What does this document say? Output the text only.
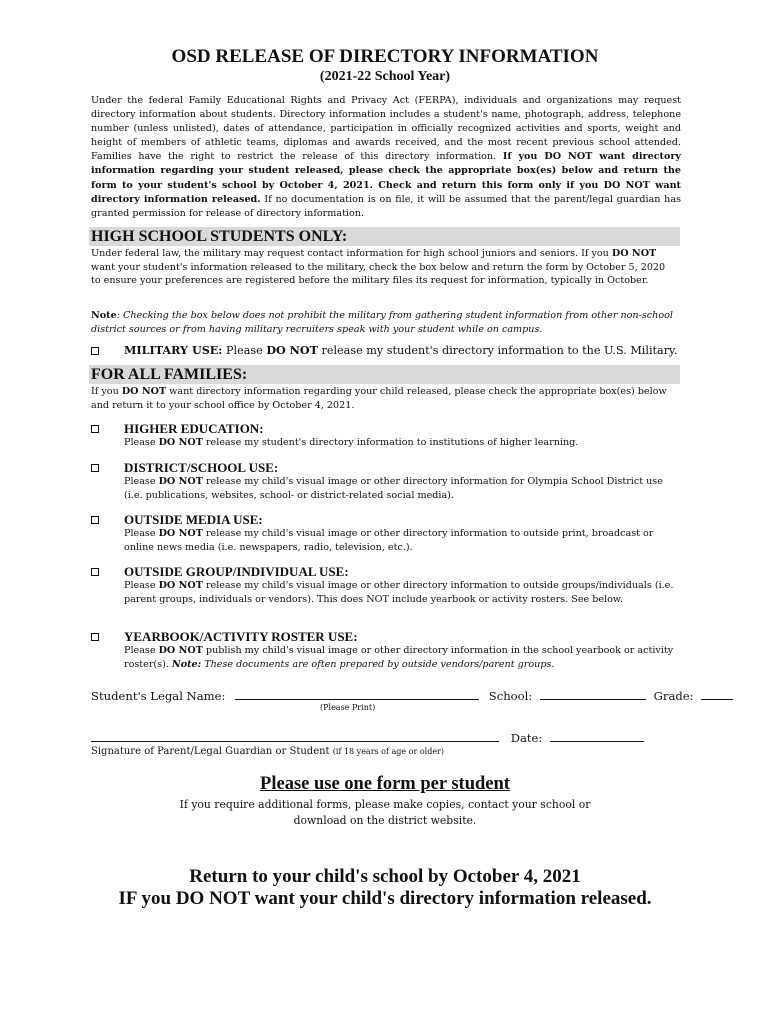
OSD RELEASE OF DIRECTORY INFORMATION
(2021-22 School Year)
Under the federal Family Educational Rights and Privacy Act (FERPA), individuals and organizations may request directory information about students. Directory information includes a student's name, photograph, address, telephone number (unless unlisted), dates of attendance, participation in officially recognized activities and sports, weight and height of members of athletic teams, diplomas and awards received, and the most recent previous school attended. Families have the right to restrict the release of this directory information. If you DO NOT want directory information regarding your student released, please check the appropriate box(es) below and return the form to your student's school by October 4, 2021. Check and return this form only if you DO NOT want directory information released. If no documentation is on file, it will be assumed that the parent/legal guardian has granted permission for release of directory information.
HIGH SCHOOL STUDENTS ONLY:
Under federal law, the military may request contact information for high school juniors and seniors. If you DO NOT want your student's information released to the military, check the box below and return the form by October 5, 2020 to ensure your preferences are registered before the military files its request for information, typically in October.
Note: Checking the box below does not prohibit the military from gathering student information from other non-school district sources or from having military recruiters speak with your student while on campus.
MILITARY USE: Please DO NOT release my student's directory information to the U.S. Military.
FOR ALL FAMILIES:
If you DO NOT want directory information regarding your child released, please check the appropriate box(es) below and return it to your school office by October 4, 2021.
HIGHER EDUCATION:
Please DO NOT release my student's directory information to institutions of higher learning.
DISTRICT/SCHOOL USE:
Please DO NOT release my child's visual image or other directory information for Olympia School District use (i.e. publications, websites, school- or district-related social media).
OUTSIDE MEDIA USE:
Please DO NOT release my child's visual image or other directory information to outside print, broadcast or online news media (i.e. newspapers, radio, television, etc.).
OUTSIDE GROUP/INDIVIDUAL USE:
Please DO NOT release my child's visual image or other directory information to outside groups/individuals (i.e. parent groups, individuals or vendors). This does NOT include yearbook or activity rosters. See below.
YEARBOOK/ACTIVITY ROSTER USE:
Please DO NOT publish my child's visual image or other directory information in the school yearbook or activity roster(s). Note: These documents are often prepared by outside vendors/parent groups.
Student's Legal Name:	School:	Grade:
(Please Print)
Date:
Signature of Parent/Legal Guardian or Student (if 18 years of age or older)
Please use one form per student
If you require additional forms, please make copies, contact your school or
download on the district website.
Return to your child's school by October 4, 2021
IF you DO NOT want your child's directory information released.
